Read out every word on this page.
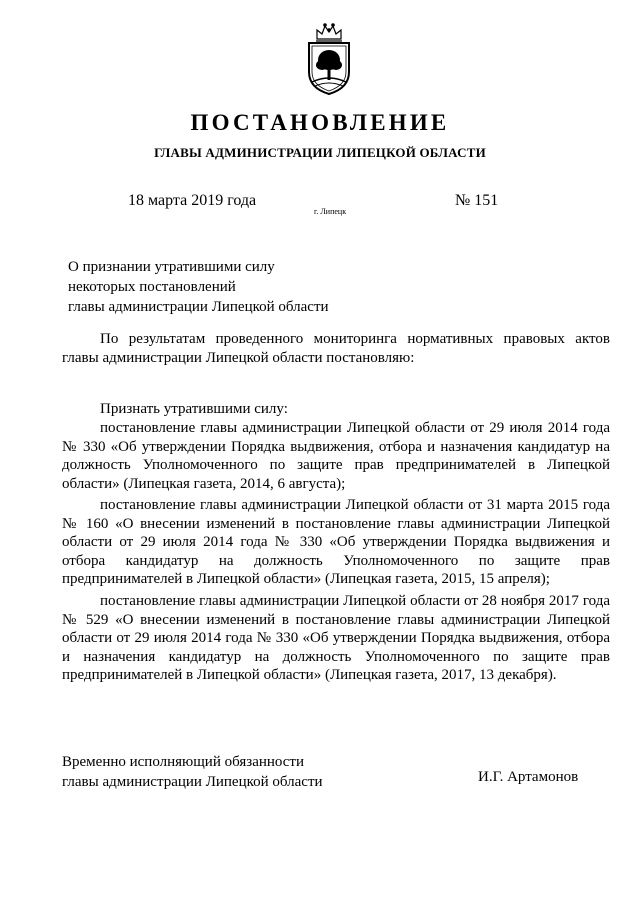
ПОСТАНОВЛЕНИЕ
ГЛАВЫ АДМИНИСТРАЦИИ ЛИПЕЦКОЙ ОБЛАСТИ
18 марта 2019 года
г. Липецк
№ 151
О признании утратившими силу
некоторых постановлений
главы администрации Липецкой области
По результатам проведенного мониторинга нормативных правовых актов главы администрации Липецкой области постановляю:
Признать утратившими силу:
постановление главы администрации Липецкой области от 29 июля 2014 года № 330 «Об утверждении Порядка выдвижения, отбора и назначения кандидатур на должность Уполномоченного по защите прав предпринимателей в Липецкой области» (Липецкая газета, 2014, 6 августа);
постановление главы администрации Липецкой области от 31 марта 2015 года № 160 «О внесении изменений в постановление главы администрации Липецкой области от 29 июля 2014 года № 330 «Об утверждении Порядка выдвижения и отбора кандидатур на должность Уполномоченного по защите прав предпринимателей в Липецкой области» (Липецкая газета, 2015, 15 апреля);
постановление главы администрации Липецкой области от 28 ноября 2017 года № 529 «О внесении изменений в постановление главы администрации Липецкой области от 29 июля 2014 года № 330 «Об утверждении Порядка выдвижения, отбора и назначения кандидатур на должность Уполномоченного по защите прав предпринимателей в Липецкой области» (Липецкая газета, 2017, 13 декабря).
Временно исполняющий обязанности
главы администрации Липецкой области	И.Г. Артамонов
